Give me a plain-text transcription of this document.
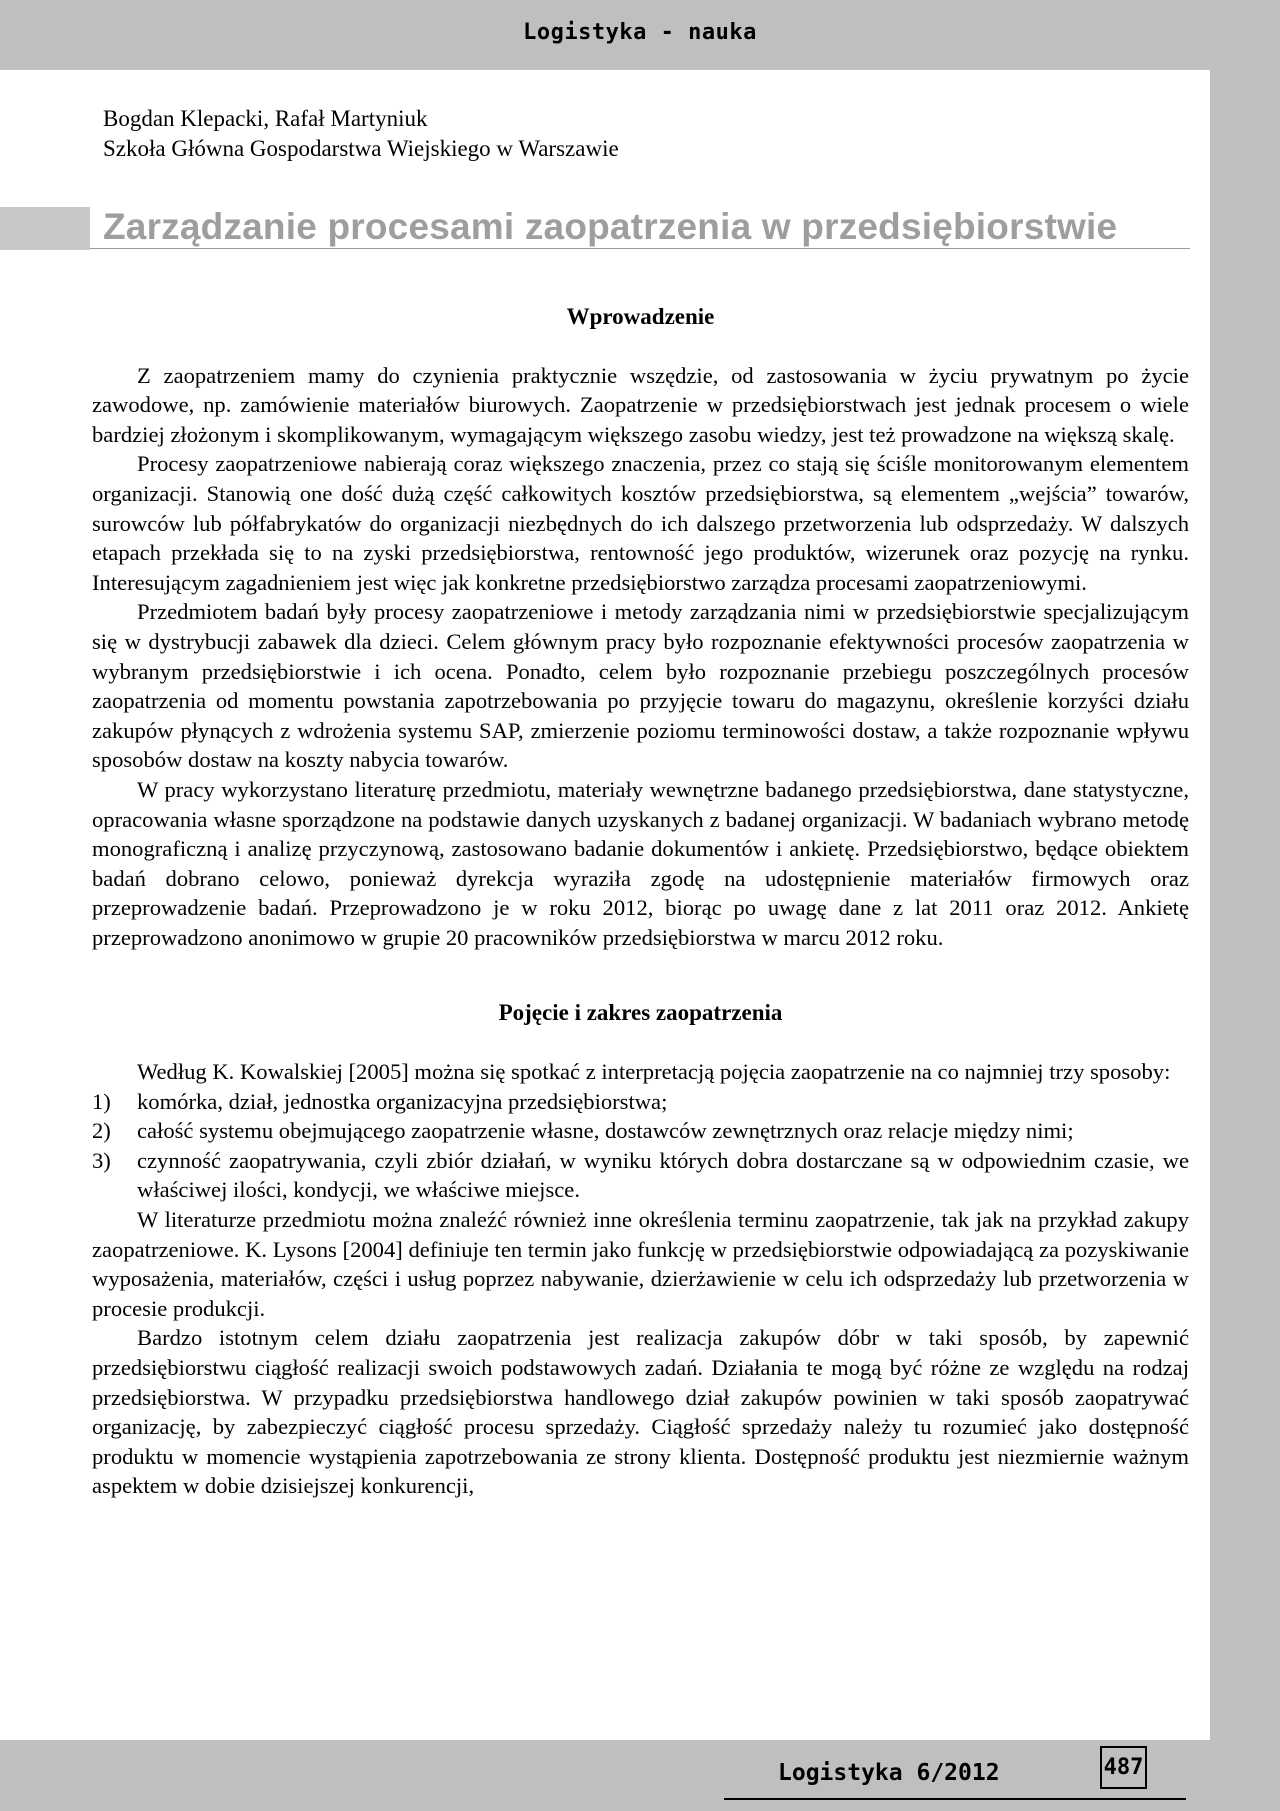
Logistyka - nauka
Bogdan Klepacki, Rafał Martyniuk
Szkoła Główna Gospodarstwa Wiejskiego w Warszawie
Zarządzanie procesami zaopatrzenia w przedsiębiorstwie
Wprowadzenie

Z zaopatrzeniem mamy do czynienia praktycznie wszędzie, od zastosowania w życiu prywatnym po życie zawodowe, np. zamówienie materiałów biurowych. Zaopatrzenie w przedsiębiorstwach jest jednak procesem o wiele bardziej złożonym i skomplikowanym, wymagającym większego zasobu wiedzy, jest też prowadzone na większą skalę.

Procesy zaopatrzeniowe nabierają coraz większego znaczenia, przez co stają się ściśle monitorowanym elementem organizacji. Stanowią one dość dużą część całkowitych kosztów przedsiębiorstwa, są elementem „wejścia” towarów, surowców lub półfabrykatów do organizacji niezbędnych do ich dalszego przetworzenia lub odsprzedaży. W dalszych etapach przekłada się to na zyski przedsiębiorstwa, rentowność jego produktów, wizerunek oraz pozycję na rynku. Interesującym zagadnieniem jest więc jak konkretne przedsiębiorstwo zarządza procesami zaopatrzeniowymi.

Przedmiotem badań były procesy zaopatrzeniowe i metody zarządzania nimi w przedsiębiorstwie specjalizującym się w dystrybucji zabawek dla dzieci. Celem głównym pracy było rozpoznanie efektywności procesów zaopatrzenia w wybranym przedsiębiorstwie i ich ocena. Ponadto, celem było rozpoznanie przebiegu poszczególnych procesów zaopatrzenia od momentu powstania zapotrzebowania po przyjęcie towaru do magazynu, określenie korzyści działu zakupów płynących z wdrożenia systemu SAP, zmierzenie poziomu terminowości dostaw, a także rozpoznanie wpływu sposobów dostaw na koszty nabycia towarów.

W pracy wykorzystano literaturę przedmiotu, materiały wewnętrzne badanego przedsiębiorstwa, dane statystyczne, opracowania własne sporządzone na podstawie danych uzyskanych z badanej organizacji. W badaniach wybrano metodę monograficzną i analizę przyczynową, zastosowano badanie dokumentów i ankietę. Przedsiębiorstwo, będące obiektem badań dobrano celowo, ponieważ dyrekcja wyraziła zgodę na udostępnienie materiałów firmowych oraz przeprowadzenie badań. Przeprowadzono je w roku 2012, biorąc po uwagę dane z lat 2011 oraz 2012. Ankietę przeprowadzono anonimowo w grupie 20 pracowników przedsiębiorstwa w marcu 2012 roku.

Pojęcie i zakres zaopatrzenia

Według K. Kowalskiej [2005] można się spotkać z interpretacją pojęcia zaopatrzenie na co najmniej trzy sposoby:

1) komórka, dział, jednostka organizacyjna przedsiębiorstwa;
2) całość systemu obejmującego zaopatrzenie własne, dostawców zewnętrznych oraz relacje między nimi;
3) czynność zaopatrywania, czyli zbiór działań, w wyniku których dobra dostarczane są w odpowiednim czasie, we właściwej ilości, kondycji, we właściwe miejsce.

W literaturze przedmiotu można znaleźć również inne określenia terminu zaopatrzenie, tak jak na przykład zakupy zaopatrzeniowe. K. Lysons [2004] definiuje ten termin jako funkcję w przedsiębiorstwie odpowiadającą za pozyskiwanie wyposażenia, materiałów, części i usług poprzez nabywanie, dzierżawienie w celu ich odsprzedaży lub przetworzenia w procesie produkcji.

Bardzo istotnym celem działu zaopatrzenia jest realizacja zakupów dóbr w taki sposób, by zapewnić przedsiębiorstwu ciągłość realizacji swoich podstawowych zadań. Działania te mogą być różne ze względu na rodzaj przedsiębiorstwa. W przypadku przedsiębiorstwa handlowego dział zakupów powinien w taki sposób zaopatrywać organizację, by zabezpieczyć ciągłość procesu sprzedaży. Ciągłość sprzedaży należy tu rozumieć jako dostępność produktu w momencie wystąpienia zapotrzebowania ze strony klienta. Dostępność produktu jest niezmiernie ważnym aspektem w dobie dzisiejszej konkurencji,

Logistyka 6/2012	487
